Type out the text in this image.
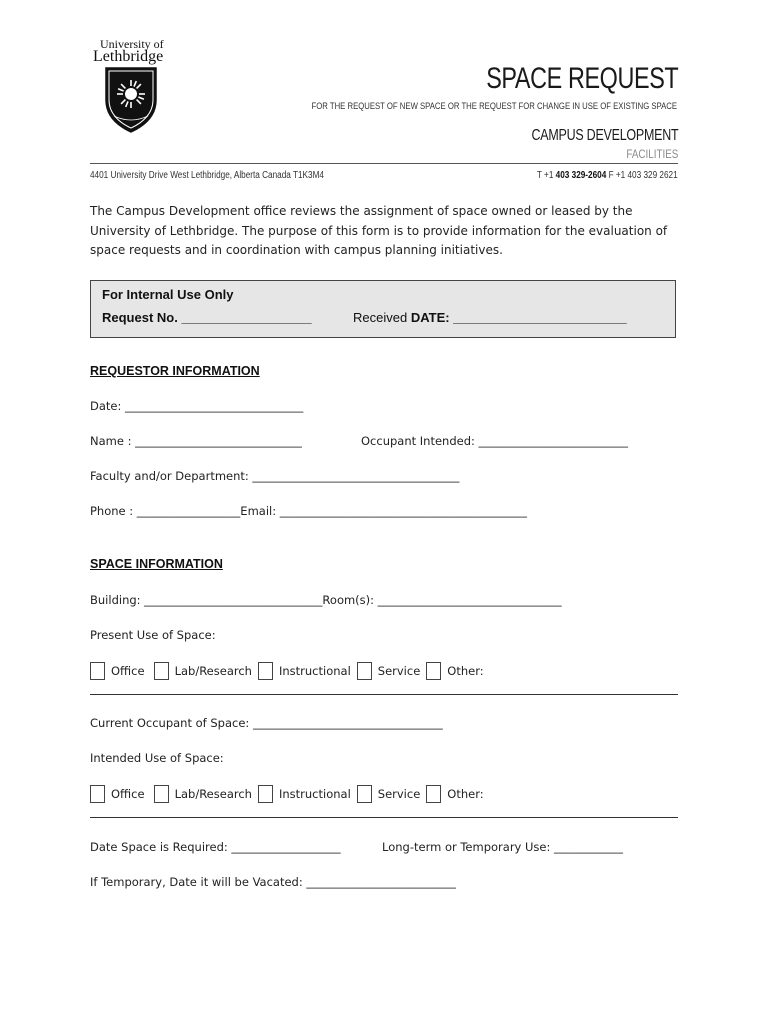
University of
Lethbridge
SPACE REQUEST
FOR THE REQUEST OF NEW SPACE OR THE REQUEST FOR CHANGE IN USE OF EXISTING SPACE
CAMPUS DEVELOPMENT
FACILITIES
4401 University Drive West Lethbridge, Alberta Canada T1K3M4	T +1 403 329-2604 F +1 403 329 2621
The Campus Development office reviews the assignment of space owned or leased by the University of Lethbridge. The purpose of this form is to provide information for the evaluation of space requests and in coordination with campus planning initiatives.
For Internal Use Only
Request No. __________________	Received DATE: ________________________
REQUESTOR INFORMATION
Date: _______________________________
Name : _____________________________	Occupant Intended: __________________________
Faculty and/or Department: ____________________________________
Phone : __________________Email: ___________________________________________
SPACE INFORMATION
Building: _______________________________Room(s): ________________________________
Present Use of Space:
Office	Lab/Research Instructional Service Other:
Current Occupant of Space: _________________________________
Intended Use of Space:
Office	Lab/Research Instructional Service Other:
Date Space is Required: ___________________	Long-term or Temporary Use: ____________
If Temporary, Date it will be Vacated: __________________________
